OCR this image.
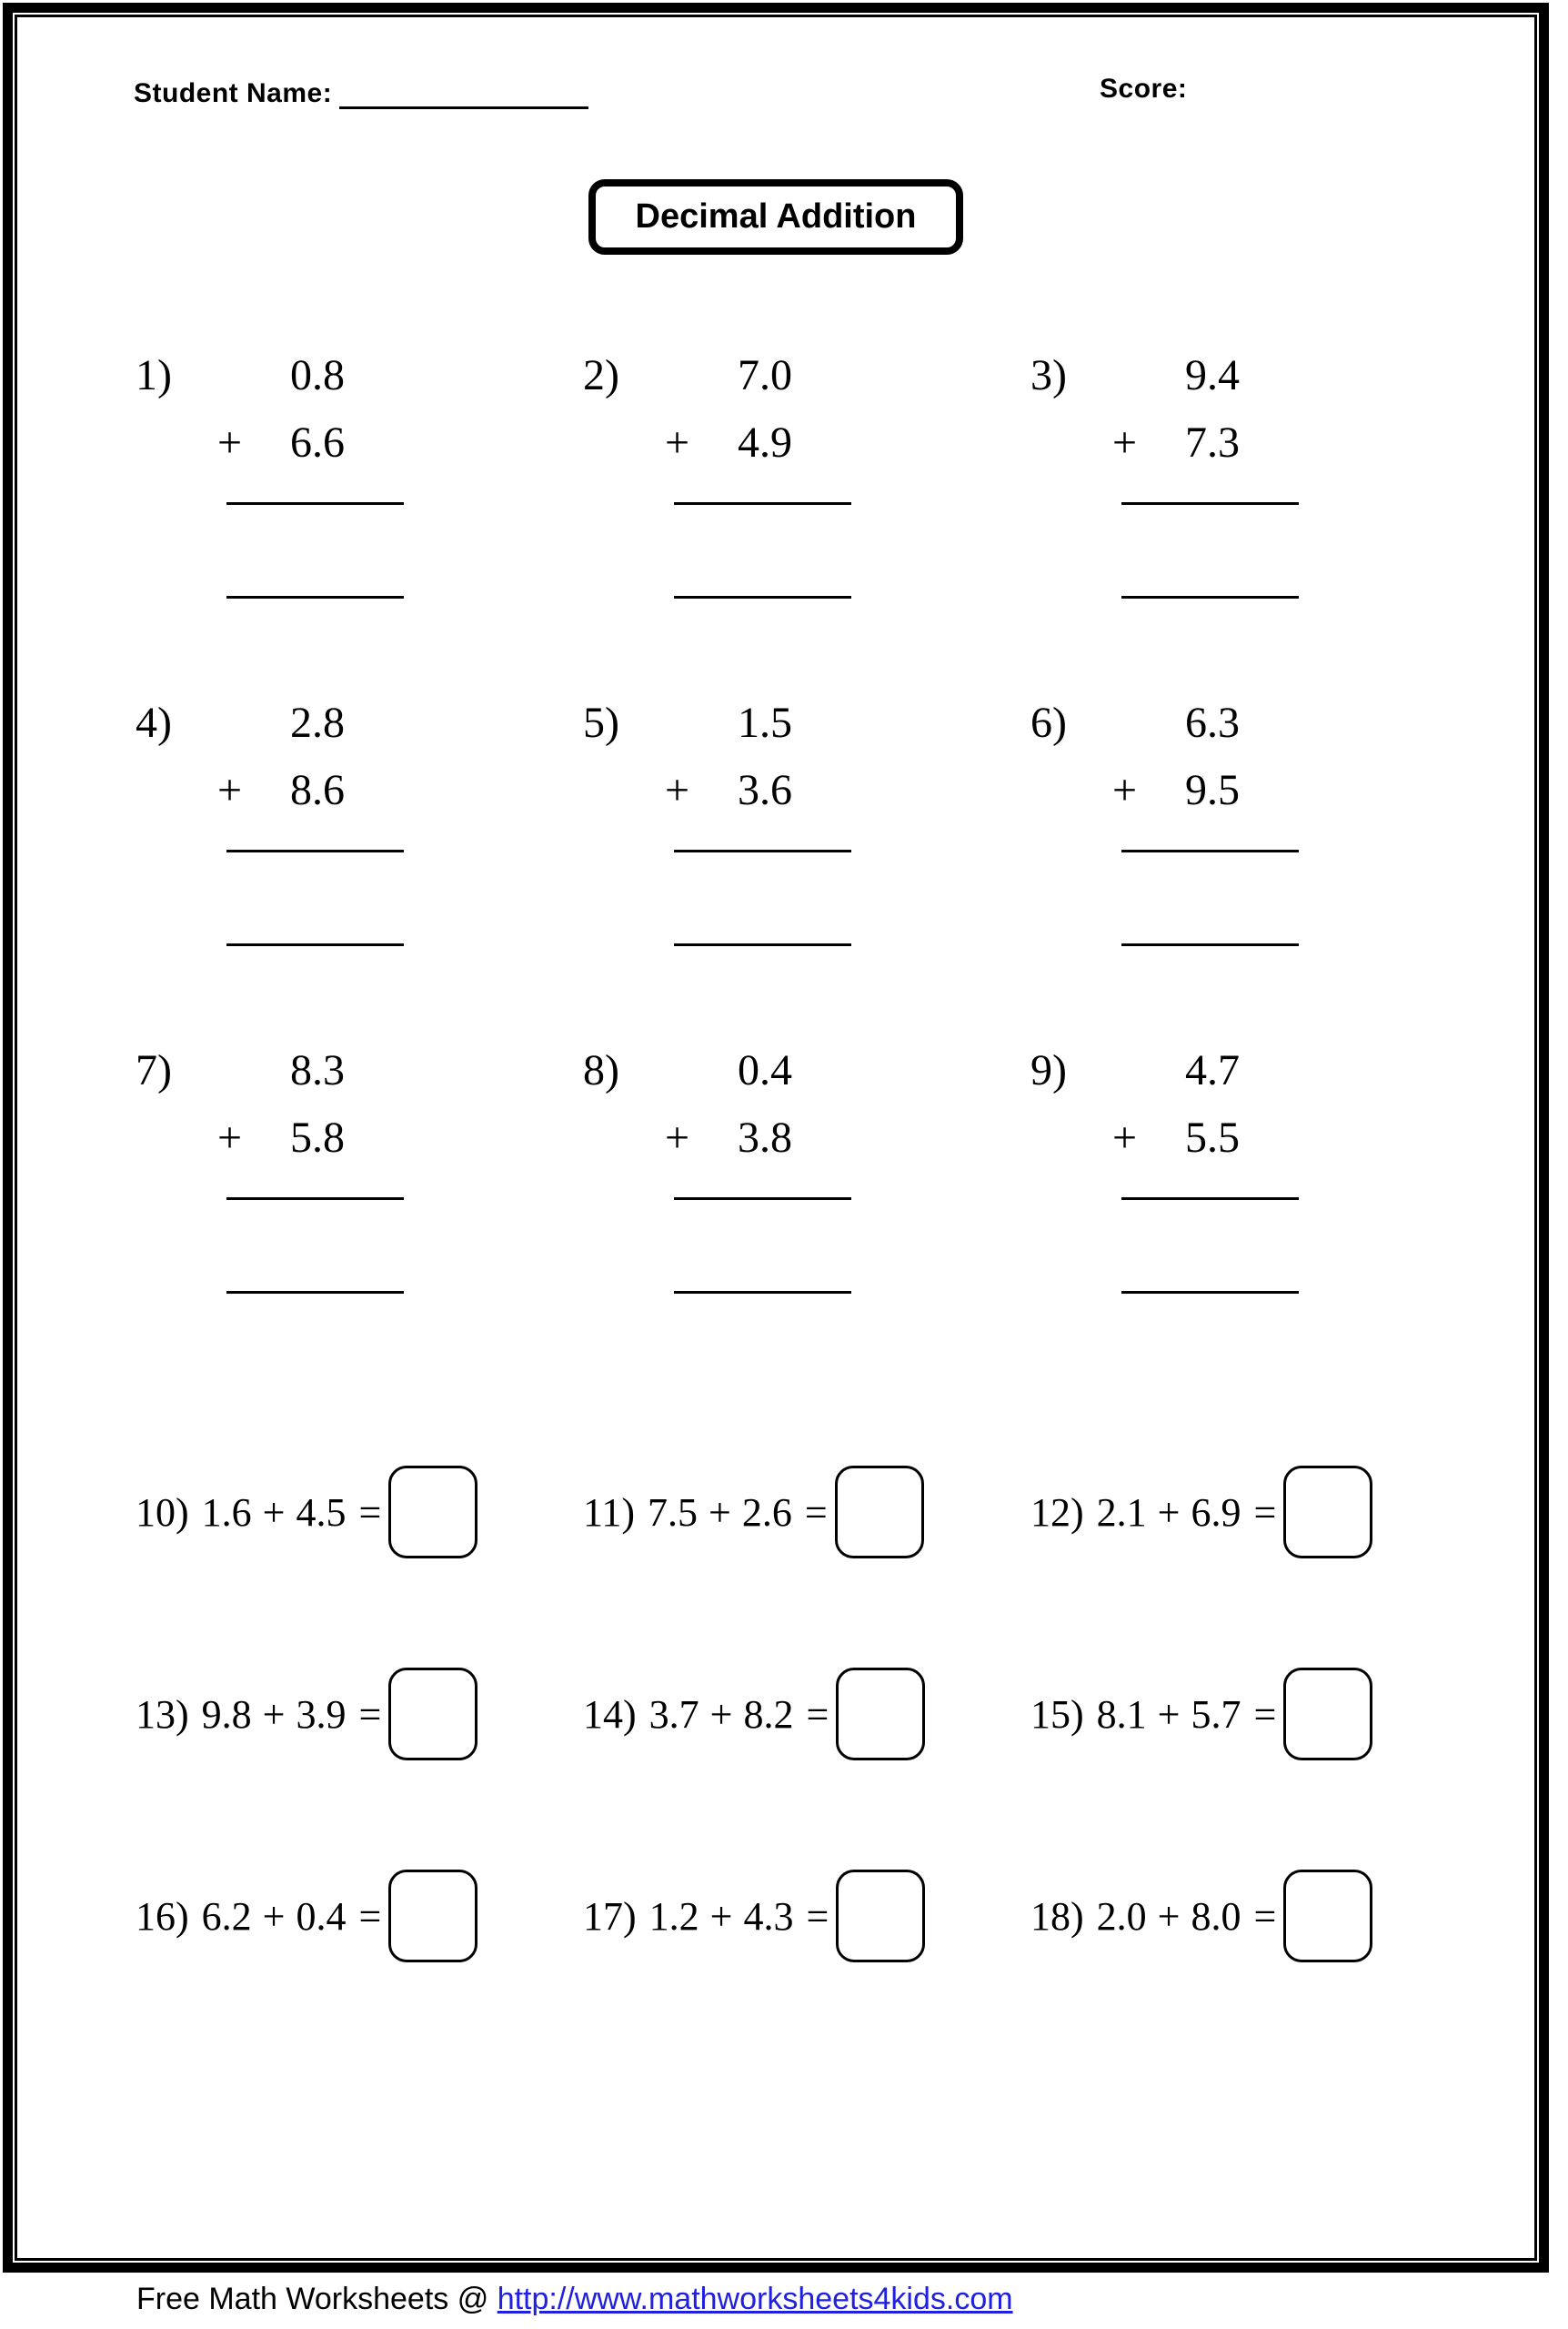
Student Name:	Score:
Decimal Addition
1)	0.8
+	6.6
2)	7.0
+	4.9
3)	9.4
+	7.3
4)	2.8
+	8.6
5)	1.5
+	3.6
6)	6.3
+	9.5
7)	8.3
+	5.8
8)	0.4
+	3.8
9)	4.7
+	5.5
10) 1.6 + 4.5 =	11) 7.5 + 2.6 =	12) 2.1 + 6.9 =
13) 9.8 + 3.9 =	14) 3.7 + 8.2 =	15) 8.1 + 5.7 =
16) 6.2 + 0.4 =	17) 1.2 + 4.3 =	18) 2.0 + 8.0 =
Free Math Worksheets @ http://www.mathworksheets4kids.com
